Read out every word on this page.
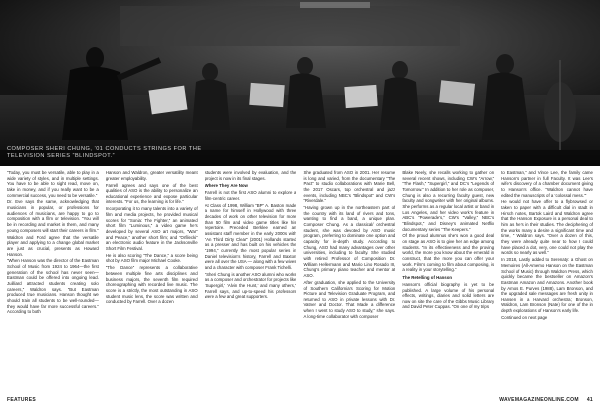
COMPOSER SHERI CHUNG, ’01 CONDUCTS STRINGS FOR THE TELEVISION SERIES “BLINDSPOT.”

“Today, you must be versatile, able to play in a wide variety of styles, and in multiple settings. You have to be able to sight read, move on, take in money, and if you really want to be a commercial success, you need to be versatile.”

Dr. Eve says the same, acknowledging that musicians in popular, or professions for audiences of musicians, are happy to go to composition with a film or television. “You will be in recording and market in them, and many young composers will start their careers in film.”

Waldron and Ford agree that the versatile player and applying to a change global market are just as crucial, presents as Howard Hanson.

“When Hanson was the director of the Eastman School of Music from 1924 to 1964—the first generation of the school has never seen—Eastman could be offered into ongoing lead. Juilliard attracted students creating solo careers,” Waldron says. “But Eastman produced true musicians. Hanson thought we should train all students to be well-rounded—they would have far more successful careers.” According to both

Hanson and Waldron, greater versatility meant greater employability.

Farrell agrees and says one of the best qualities of ASO is the ability to personalize an educational experience and expose particular interests. “For us, the learning is for life.”

Incorporating it to many talents into a variety of film and media projects, he provided musical scores for “Sonia: The Fighter,” an animated short film “Luminous,” a video game he’s developed by several ASO art majors, “War” and Peace,” another short film; and “Orfilecki” an electronic audio feature in the Jacksonville Short Film Festival.

He is also scoring “The Dance,” a score being shot by ASO film major Michael Cooke.

“The Dance” represents a collaborative between multiple fine arts disciplines and business majors, the seventh film required choreographing with recorded live music. The score is a strictly, the most outstanding in ASO student music lens, the score was written and conducted by Farrell. Over a dozen

students were involved by evaluation, and the project is now in its final stages.

Where They Are Now

Farrell is not the first ASO alumni to explore a film-centric career.

At Class of 1998, William “BP” A. Baston made a name for himself in Hollywood with three decades of work on other television for more than 50 film and video game titles like his repertoire. Preceded Berklee earned an assistant staff member in the early 2000s with “An Third Dirty Clear” (2001) Hollands started as a presser and has built on his vehicles the “1994,” currently the most popular series in Daniel television’s history, Farrell and Baxton were all over the USA — along with a few wives and a character with composer Frank Tichelli.

“Sheri Chung is another ASO alumni who works as a composer and orchestrator for projects like ‘Supergirl,’ ‘Alvin the Hunt,’ and many others,” Farrell says, and up-to-speed his professors were a few and great supporters.

She graduated from ASO in 2001. Her resume is long and varied, from the documentary “The Pact” to studio collaborations with Marie Bell, the 2017 Oscars, top orchestral and jazz events, including NBC’s “Blindspot” and CW’s “Riverdale.”

“Having grown up in the northeastern part of the country with its land of rivers and tons, wanting to find a band, a unique plan. Composer Chung. As a classical/ orchestral student, she was devoted by ASO music program, preferring to dominate one option and capacity for in-depth study. According to Chung, ASO had many advantages over other universities, including to faculty. She studied with retired Professor of Composition Dr. William Hellermann and Mario Lino Rosado III, Chung’s primary piano teacher and mentor at ASO.

After graduation, she applied to the University of Southern California’s Scoring for Motion Picture and Television Graduate Program, and returned to ASO in private lessons with Dr. Vatner and Doctor. That Made a difference when I went to study ASO to study,” she says. A long-time collaborator with composer

Blake Neely, she recalls working to gather on several recent shows, including CW’s “Arrow,” “The Flash,” “Supergirl,” and DC’s “Legends of Tomorrow.” In addition to her role as composer, Chung is also a recurring faculty guest, new faculty and songwriter with her original albums. She performs as a regular local artist or band in Los Angeles, and her video work’s feature in ABC’s “Powerade’s,” CW’s “Valley,” NBC’s “Blindspot,” and Disney’s animated Netflix documentary series “The Keepers.”

Of the proud alumnus she’s won a good deal on stage as ASO is to give her an edge among students. “In its effectiveness and the proving world, the more you know about the emerald in construct, that the more you can offer your work. Film’s coming to film about composing, is a reality in your storytelling.”

The Retelling of Hanson

Hanson’s official biography is yet to be published. A large volume of his personal effects, writings, diaries and solid letters are now on site the care of the Gibbs Music Library and David Peter Cuppas. “On one of my trips

to Eastman,” and Vince Lee, the family came Hanson’s partner in full Faculty. It was Lee’s wife’s discovery of a chamber document giving to Hanson’s office. “Waldron cannot have edited the manuscripts of a ‘colossal mess.’”

He would not have offer to a flybrowsed or taken to paper with a difficult dial in stadt in Hirsch notes, Bartok Laird and Waldron agree that the Hanson Exposure is a personal deal to him as he’s in their studies. The deciphering of the works many a desire a significant time and time, ” Waldron says. “Over a dozen of this, they were already quite near to how I could have placed a dot, very, one could not play the words so nearly as well.”

In 2018, Lastly added to Serenaty: a Ghost on Memoires (All-Amemo Hanson on the Eastman School of Music) through Waldron Press, which quickly became the bestseller on Amazon’s Eastman Amazon and Amazons. Another book by Amos E. Purves (1988), Lam Bronson, and the upgraded sale messages are fresh unity in Hansen in a Harvard orchestra; Bronson, Waldron, Lam Bronson (Nate) for one of the in depth explorations of Hanson’s early life.

Continued on next page

FEATURES	WAVEMAGAZINEONLINE.COM 41
